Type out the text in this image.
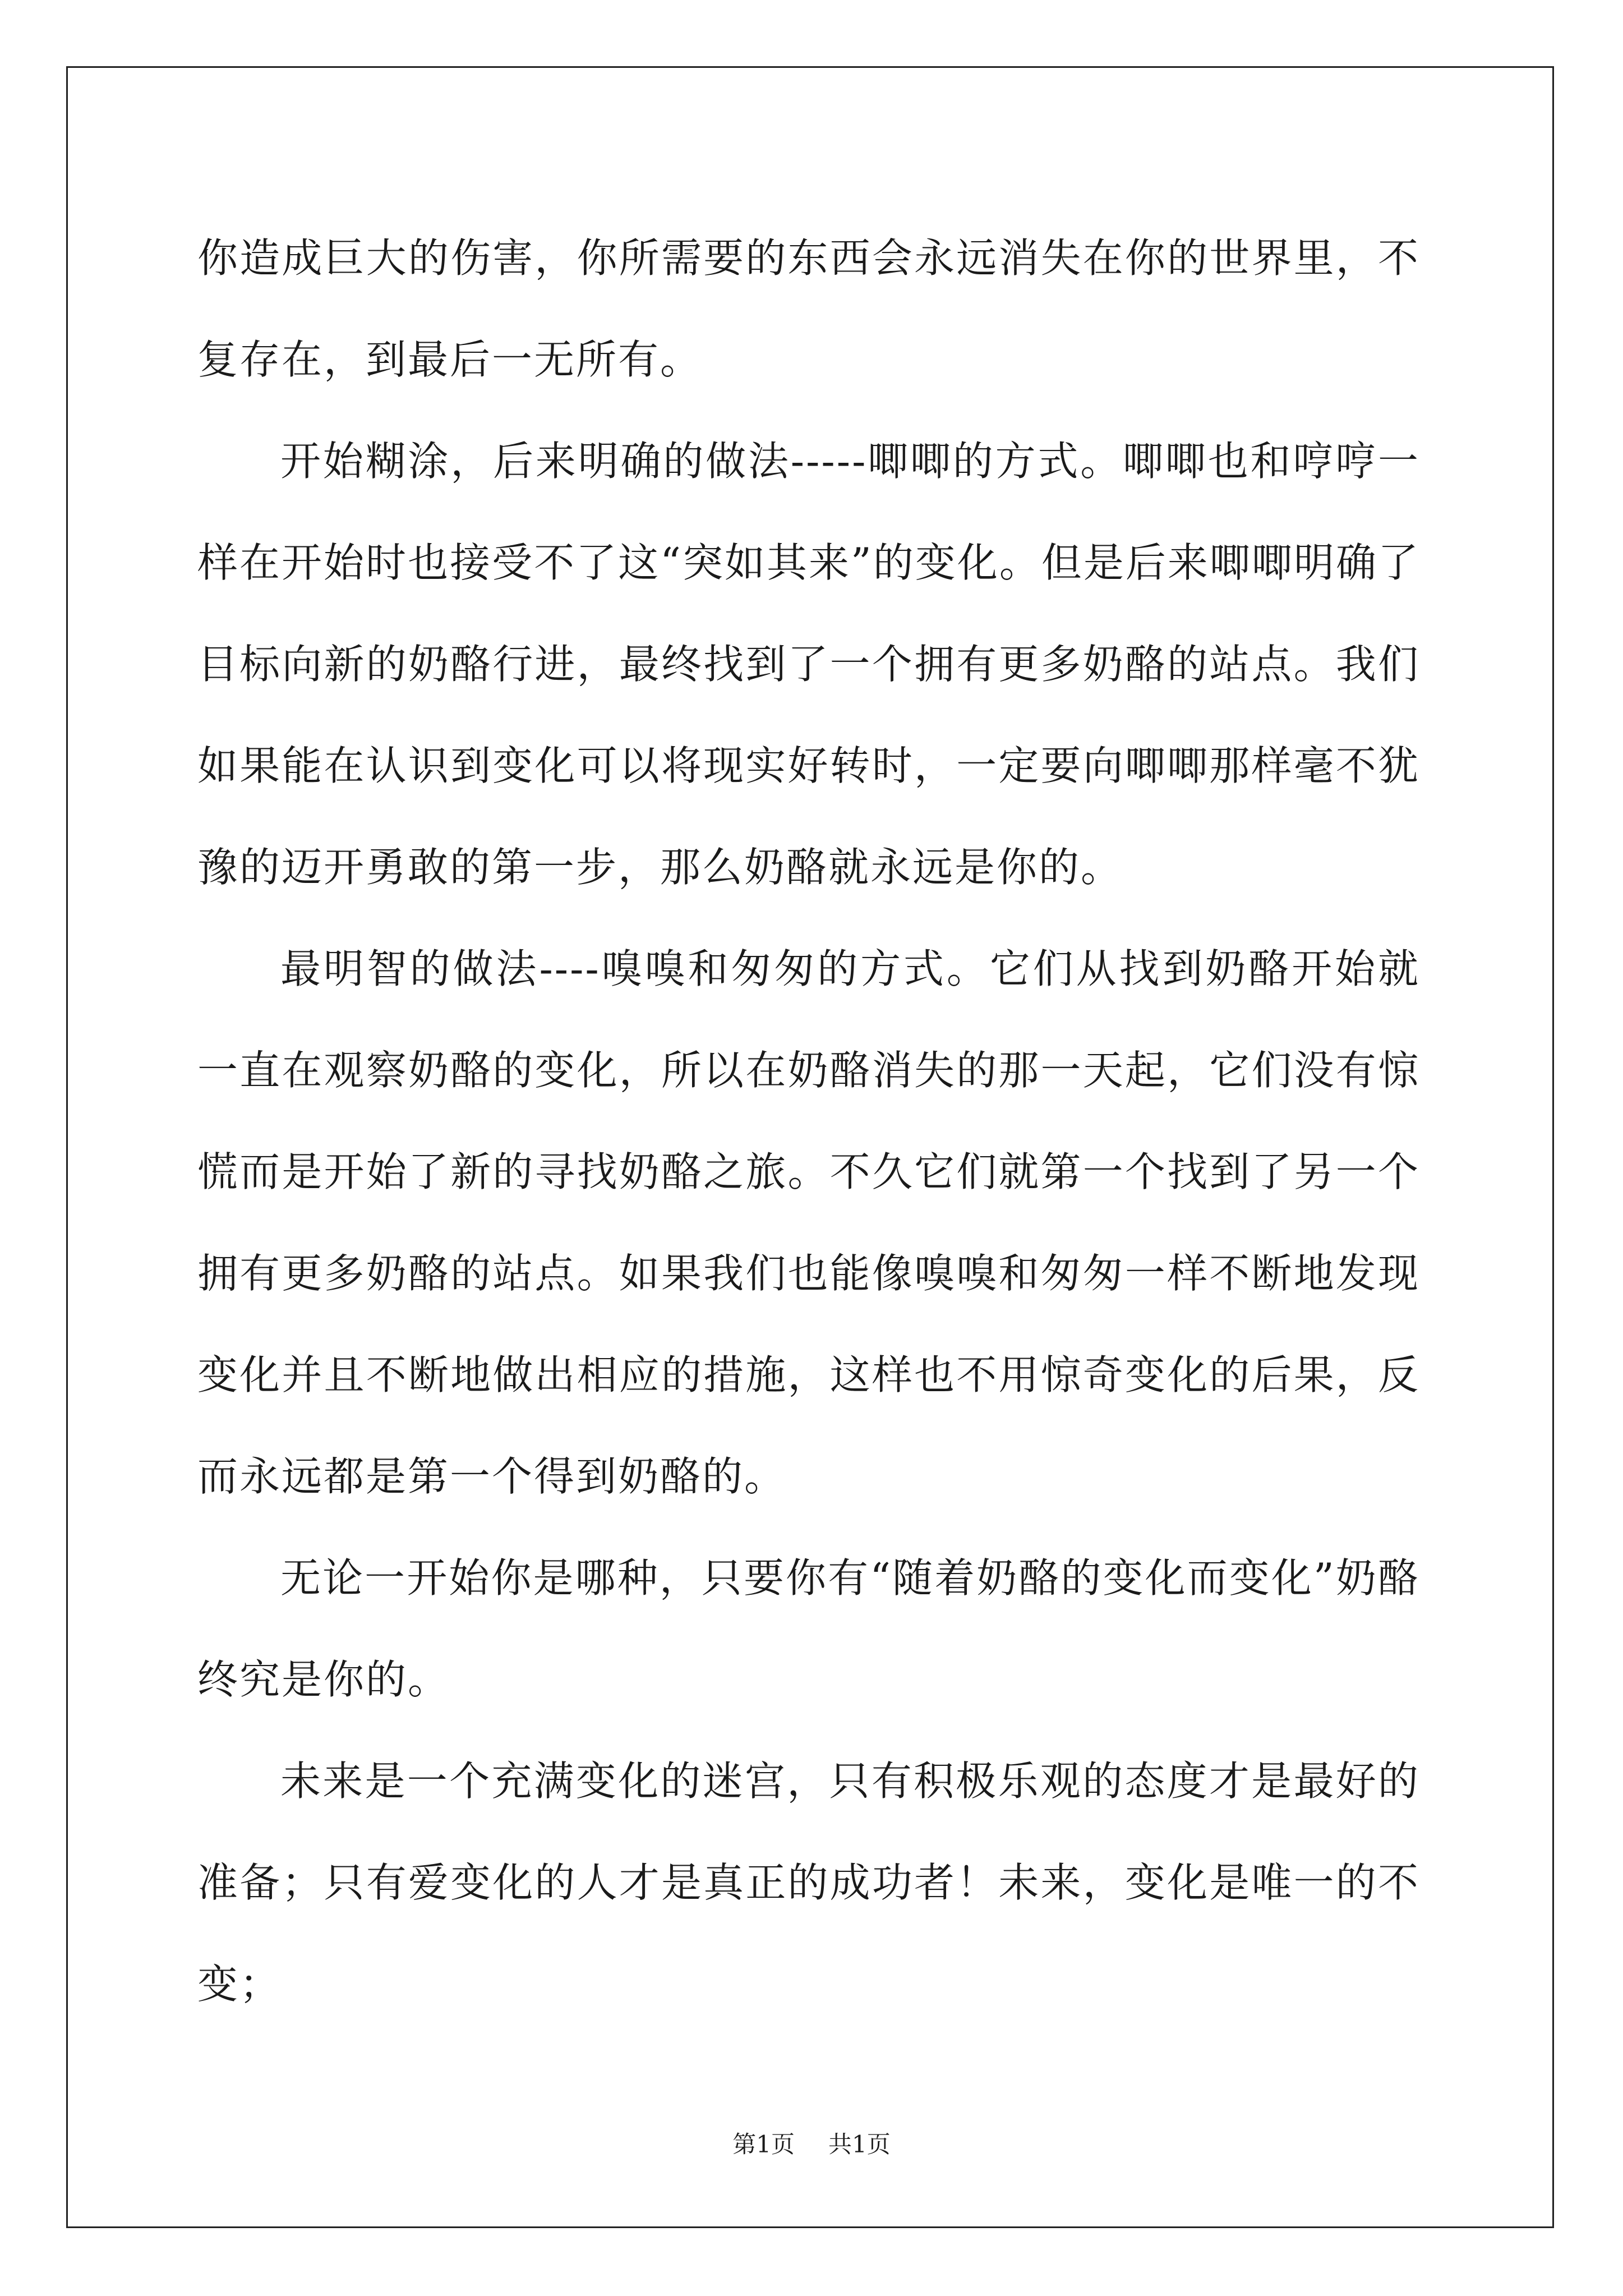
你造成巨大的伤害，你所需要的东西会永远消失在你的世界里，不复存在，到最后一无所有。

开始糊涂，后来明确的做法-----唧唧的方式。唧唧也和哼哼一样在开始时也接受不了这“突如其来”的变化。但是后来唧唧明确了目标向新的奶酪行进，最终找到了一个拥有更多奶酪的站点。我们如果能在认识到变化可以将现实好转时，一定要向唧唧那样毫不犹豫的迈开勇敢的第一步，那么奶酪就永远是你的。

最明智的做法----嗅嗅和匆匆的方式。它们从找到奶酪开始就一直在观察奶酪的变化，所以在奶酪消失的那一天起，它们没有惊慌而是开始了新的寻找奶酪之旅。不久它们就第一个找到了另一个拥有更多奶酪的站点。如果我们也能像嗅嗅和匆匆一样不断地发现变化并且不断地做出相应的措施，这样也不用惊奇变化的后果，反而永远都是第一个得到奶酪的。

无论一开始你是哪种，只要你有“随着奶酪的变化而变化”奶酪终究是你的。

未来是一个充满变化的迷宫，只有积极乐观的态度才是最好的准备；只有爱变化的人才是真正的成功者！未来，变化是唯一的不变；

第1页 共1页
